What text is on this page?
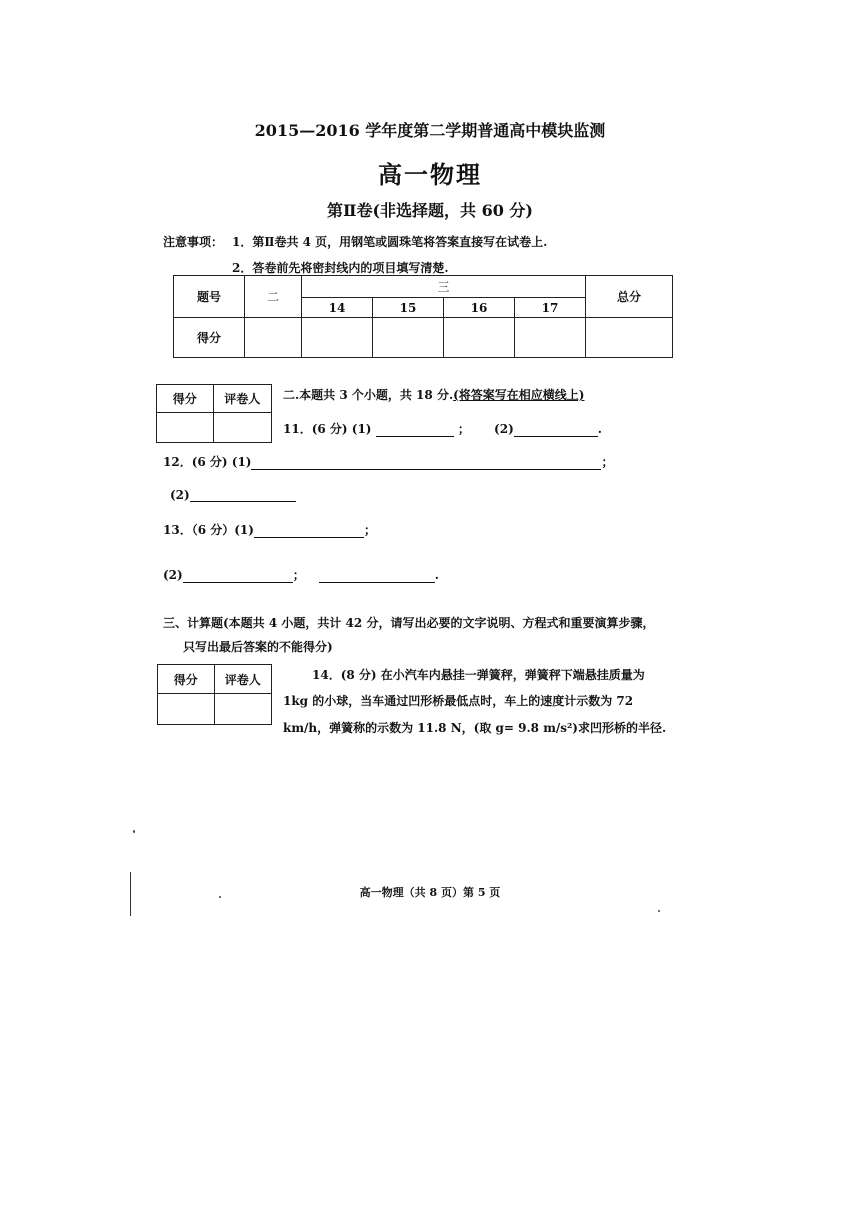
2015—2016 学年度第二学期普通高中模块监测
高一物理
第Ⅱ卷(非选择题，共 60 分)
注意事项： 1．第Ⅱ卷共 4 页，用钢笔或圆珠笔将答案直接写在试卷上.
2．答卷前先将密封线内的项目填写清楚.
题号	二	三				总分
		14	15	16	17	
得分						
得分	评卷人
	二.本题共 3 个小题，共 18 分.(将答案写在相应横线上)
11．(6 分) (1)	； (2)	.
12．(6 分) (1)	；
(2)
13．（6 分）(1)	；
(2)	；	.
三、计算题(本题共 4 小题，共计 42 分，请写出必要的文字说明、方程式和重要演算步骤，
只写出最后答案的不能得分)
得分	评卷人
		14．(8 分) 在小汽车内悬挂一弹簧秤，弹簧秤下端悬挂质量为
1kg 的小球，当车通过凹形桥最低点时，车上的速度计示数为 72
km/h，弹簧称的示数为 11.8 N，(取 g= 9.8 m/s²)求凹形桥的半径.
高一物理（共 8 页）第 5 页
